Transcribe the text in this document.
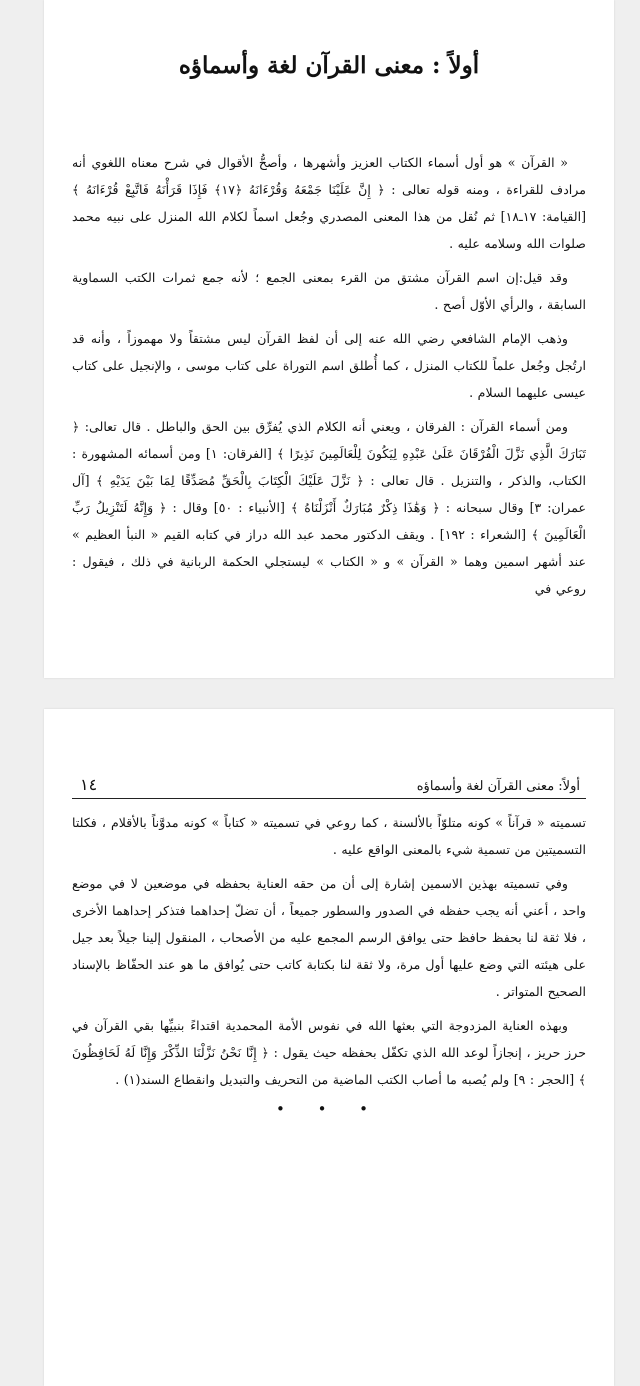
أولاً : معنى القرآن لغة وأسماؤه

« القرآن » هو أول أسماء الكتاب العزيز وأشهرها ، وأصحُّ الأقوال في شرح معناه اللغوي أنه مرادف للقراءة ، ومنه قوله تعالى : ﴿ إِنَّ عَلَيْنَا جَمْعَهُ وَقُرْءَانَهُ ﴿١٧﴾ فَإِذَا قَرَأْنَهُ فَاتَّبِعْ قُرْءَانَهُ ﴾ [القيامة: ١٧ـ١٨] ثم نُقل من هذا المعنى المصدري وجُعل اسماً لكلام الله المنزل على نبيه محمد صلوات الله وسلامه عليه .

وقد قيل:إن اسم القرآن مشتق من القرء بمعنى الجمع ؛ لأنه جمع ثمرات الكتب السماوية السابقة ، والرأي الأوّل أصح .

وذهب الإمام الشافعي رضي الله عنه إلى أن لفظ القرآن ليس مشتقاً ولا مهموزاً ، وأنه قد ارتُجل وجُعل علماً للكتاب المنزل ، كما أُطلق اسم التوراة على كتاب موسى ، والإنجيل على كتاب عيسى عليهما السلام .

ومن أسماء القرآن : الفرقان ، ويعني أنه الكلام الذي يُفرِّق بين الحق والباطل . قال تعالى: ﴿ تَبَارَكَ الَّذِي نَزَّلَ الْفُرْقَانَ عَلَىٰ عَبْدِهِ لِيَكُونَ لِلْعَالَمِينَ نَذِيرًا ﴾ [الفرقان: ١] ومن أسمائه المشهورة : الكتاب، والذكر ، والتنزيل . قال تعالى : ﴿ نَزَّلَ عَلَيْكَ الْكِتَابَ بِالْحَقِّ مُصَدِّقًا لِمَا بَيْنَ يَدَيْهِ ﴾ [آل عمران: ٣] وقال سبحانه : ﴿ وَهَٰذَا ذِكْرٌ مُبَارَكٌ أَنْزَلْنَاهُ ﴾ [الأنبياء : ٥٠] وقال : ﴿ وَإِنَّهُ لَتَنْزِيلُ رَبِّ الْعَالَمِينَ ﴾ [الشعراء : ١٩٢] . ويقف الدكتور محمد عبد الله دراز في كتابه القيم « النبأ العظيم » عند أشهر اسمين وهما « القرآن » و « الكتاب » ليستجلي الحكمة الربانية في ذلك ، فيقول : روعي في

أولاً: معنى القرآن لغة وأسماؤه
١٤

تسميته « قرآناً » كونه متلوّاً بالألسنة ، كما روعي في تسميته « كتاباً » كونه مدوَّناً بالأقلام ، فكلتا التسميتين من تسمية شيء بالمعنى الواقع عليه .

وفي تسميته بهذين الاسمين إشارة إلى أن من حقه العناية بحفظه في موضعين لا في موضع واحد ، أعني أنه يجب حفظه في الصدور والسطور جميعاً ، أن تضلّ إحداهما فتذكر إحداهما الأخرى ، فلا ثقة لنا بحفظ حافظ حتى يوافق الرسم المجمع عليه من الأصحاب ، المنقول إلينا جيلاً بعد جيل على هيئته التي وضع عليها أول مرة، ولا ثقة لنا بكتابة كاتب حتى يُوافق ما هو عند الحفّاظ بالإسناد الصحيح المتواتر .

وبهذه العناية المزدوجة التي بعثها الله في نفوس الأمة المحمدية اقتداءً بنبيِّها بقي القرآن في حرز حريز ، إنجازاً لوعد الله الذي تكفّل بحفظه حيث يقول : ﴿ إِنَّا نَحْنُ نَزَّلْنَا الذِّكْرَ وَإِنَّا لَهُ لَحَافِظُونَ ﴾ [الحجر : ٩] ولم يُصبه ما أصاب الكتب الماضية من التحريف والتبديل وانقطاع السند(١) .

• • •
